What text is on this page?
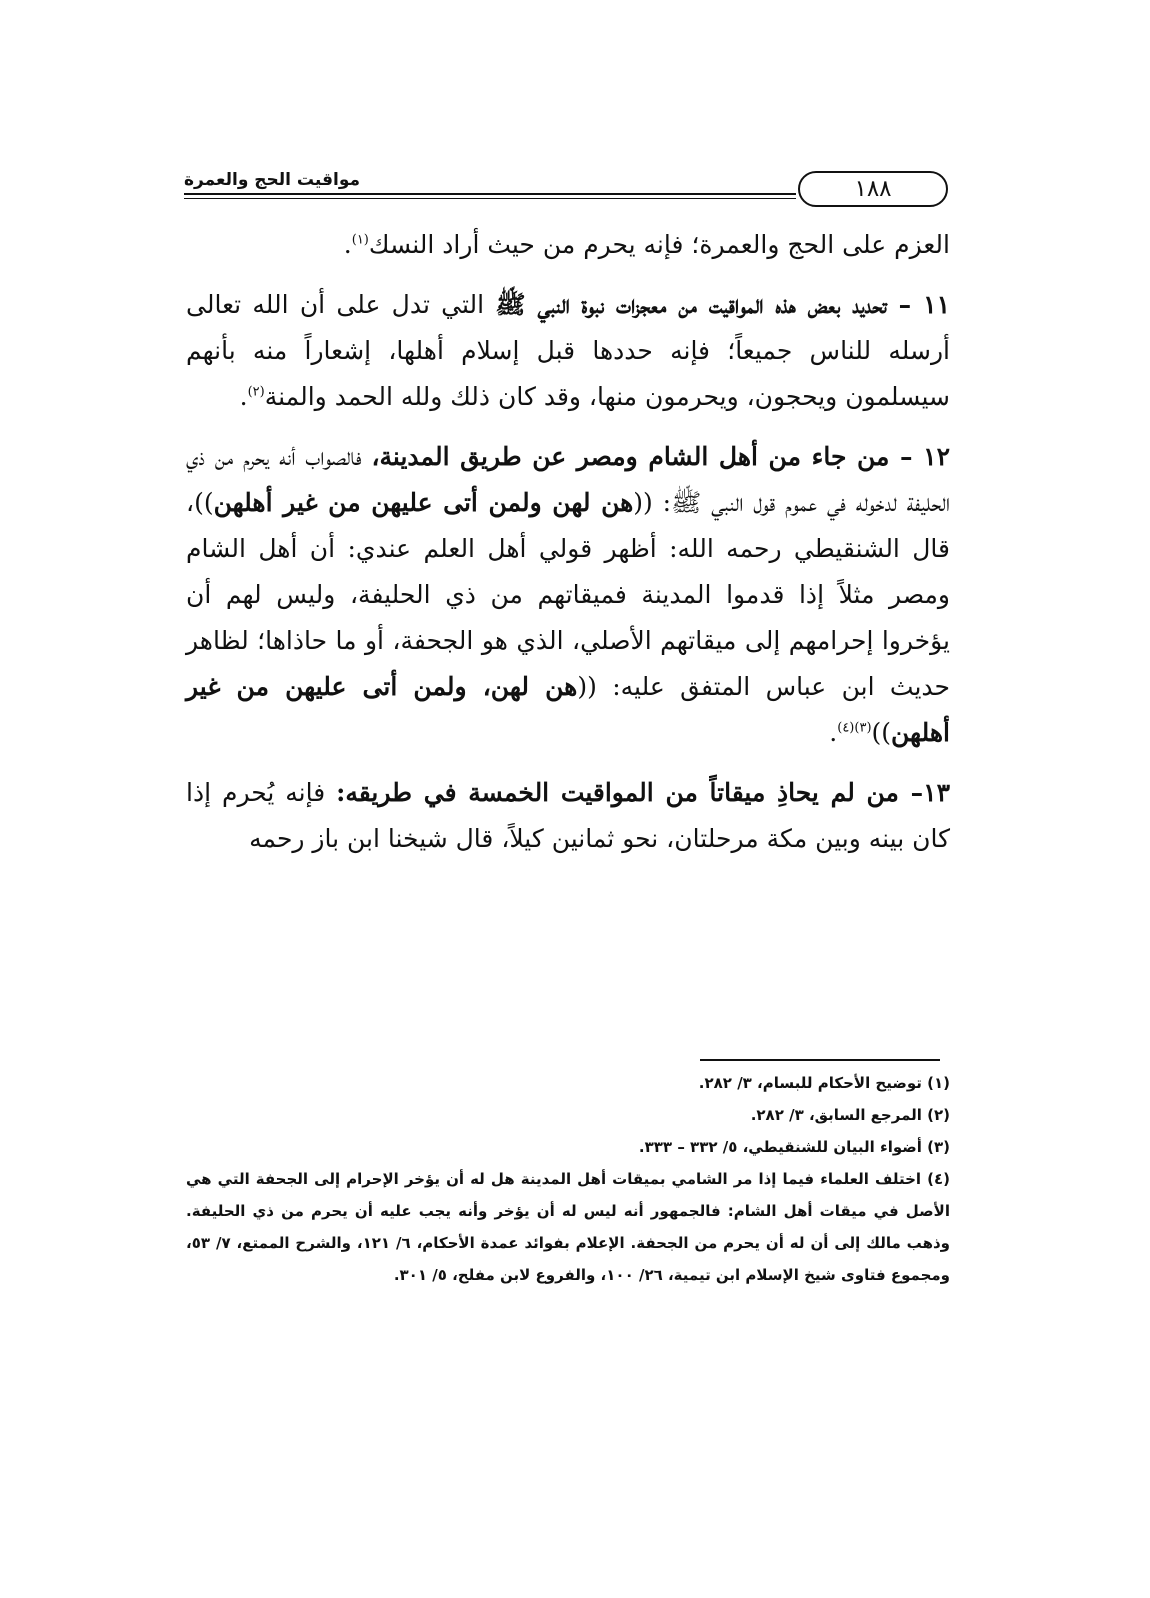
١٨٨
مواقيت الحج والعمرة

العزم على الحج والعمرة؛ فإنه يحرم من حيث أراد النسك$^{(١)}$.

١١ – تحديد بعض هذه المواقيت من معجزات نبوة النبي ﷺ التي تدل على أن الله تعالى أرسله للناس جميعاً؛ فإنه حددها قبل إسلام أهلها، إشعاراً منه بأنهم سيسلمون ويحجون، ويحرمون منها، وقد كان ذلك ولله الحمد والمنة$^{(٢)}$.

١٢ – من جاء من أهل الشام ومصر عن طريق المدينة، فالصواب أنه يحرم من ذي الحليفة لدخوله في عموم قول النبي ﷺ: ((هن لهن ولمن أتى عليهن من غير أهلهن))، قال الشنقيطي رحمه الله: أظهر قولي أهل العلم عندي: أن أهل الشام ومصر مثلاً إذا قدموا المدينة فميقاتهم من ذي الحليفة، وليس لهم أن يؤخروا إحرامهم إلى ميقاتهم الأصلي، الذي هو الجحفة، أو ما حاذاها؛ لظاهر حديث ابن عباس المتفق عليه: ((هن لهن، ولمن أتى عليهن من غير أهلهن))$^{(٣)(٤)}$.

١٣– من لم يحاذِ ميقاتاً من المواقيت الخمسة في طريقه: فإنه يُحرم إذا كان بينه وبين مكة مرحلتان، نحو ثمانين كيلاً، قال شيخنا ابن باز رحمه

(١) توضيح الأحكام للبسام، ٣/ ٢٨٢.

(٢) المرجع السابق، ٣/ ٢٨٢.

(٣) أضواء البيان للشنقيطي، ٥/ ٣٣٢ – ٣٣٣.

(٤) اختلف العلماء فيما إذا مر الشامي بميقات أهل المدينة هل له أن يؤخر الإحرام إلى الجحفة التي هي الأصل في ميقات أهل الشام: فالجمهور أنه ليس له أن يؤخر وأنه يجب عليه أن يحرم من ذي الحليفة. وذهب مالك إلى أن له أن يحرم من الجحفة. الإعلام بفوائد عمدة الأحكام، ٦/ ١٢١، والشرح الممتع، ٧/ ٥٣، ومجموع فتاوى شيخ الإسلام ابن تيمية، ٢٦/ ١٠٠، والفروع لابن مفلح، ٥/ ٣٠١.
